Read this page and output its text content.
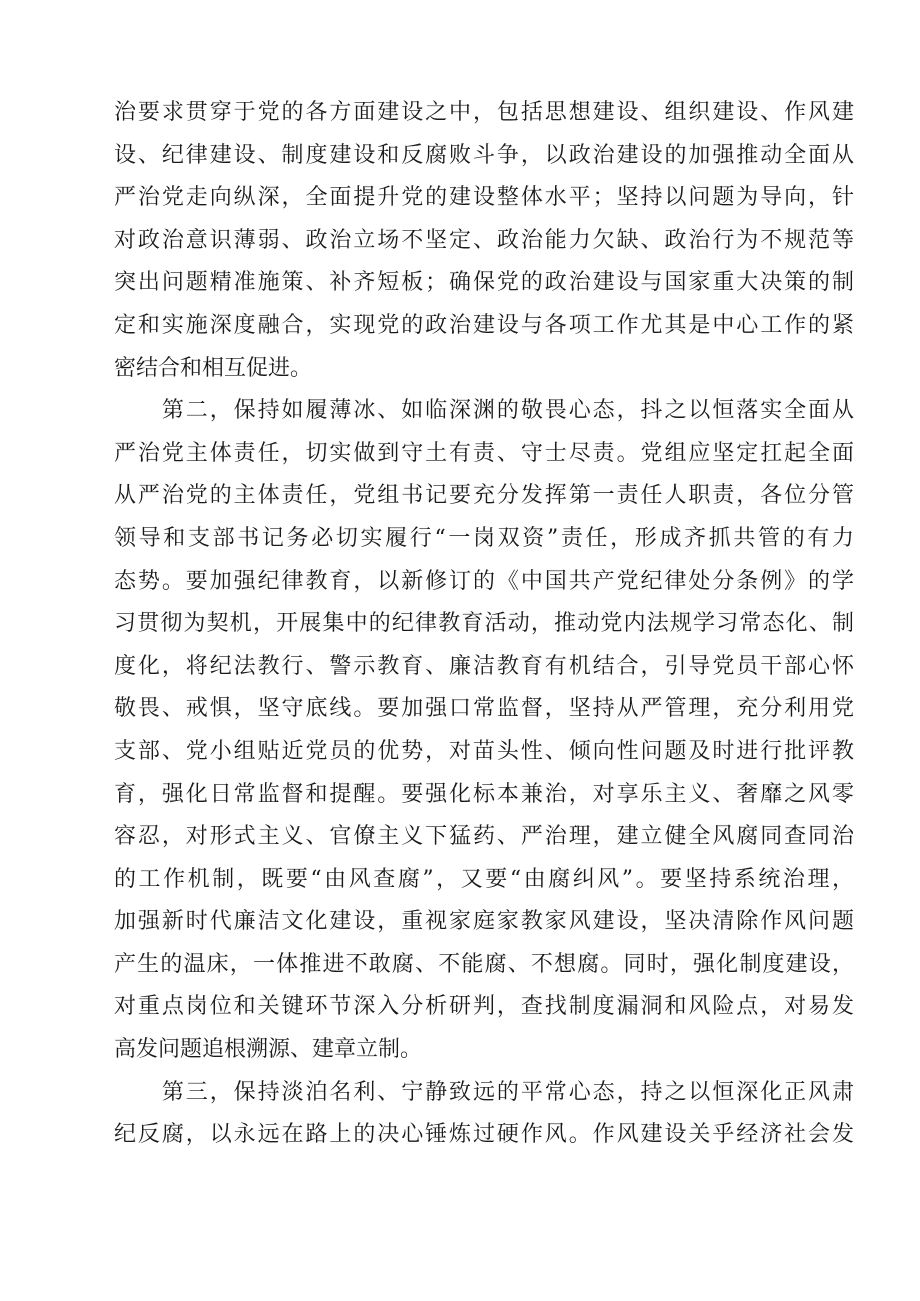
治要求贯穿于党的各方面建设之中，包括思想建设、组织建设、作风建
设、纪律建设、制度建设和反腐败斗争，以政治建设的加强推动全面从
严治党走向纵深，全面提升党的建设整体水平；坚持以问题为导向，针
对政治意识薄弱、政治立场不坚定、政治能力欠缺、政治行为不规范等
突出问题精准施策、补齐短板；确保党的政治建设与国家重大决策的制
定和实施深度融合，实现党的政治建设与各项工作尤其是中心工作的紧
密结合和相互促进。
　　第二，保持如履薄冰、如临深渊的敬畏心态，抖之以恒落实全面从
严治党主体责任，切实做到守土有责、守士尽责。党组应坚定扛起全面
从严治党的主体责任，党组书记要充分发挥第一责任人职责，各位分管
领导和支部书记务必切实履行“一岗双资”责任，形成齐抓共管的有力
态势。要加强纪律教育，以新修订的《中国共产党纪律处分条例》的学
习贯彻为契机，开展集中的纪律教育活动，推动党内法规学习常态化、制
度化，将纪法教行、警示教育、廉洁教育有机结合，引导党员干部心怀
敬畏、戒惧，坚守底线。要加强口常监督，坚持从严管理，充分利用党
支部、党小组贴近党员的优势，对苗头性、倾向性问题及时进行批评教
育，强化日常监督和提醒。要强化标本兼治，对享乐主义、奢靡之风零
容忍，对形式主义、官僚主义下猛药、严治理，建立健全风腐同查同治
的工作机制，既要“由风查腐”，又要“由腐纠风”。要坚持系统治理，
加强新时代廉洁文化建设，重视家庭家教家风建设，坚决清除作风问题
产生的温床，一体推进不敢腐、不能腐、不想腐。同时，强化制度建设，
对重点岗位和关键环节深入分析研判，查找制度漏洞和风险点，对易发
高发问题追根溯源、建章立制。
　　第三，保持淡泊名利、宁静致远的平常心态，持之以恒深化正风肃
纪反腐，以永远在路上的决心锤炼过硬作风。作风建设关乎经济社会发
